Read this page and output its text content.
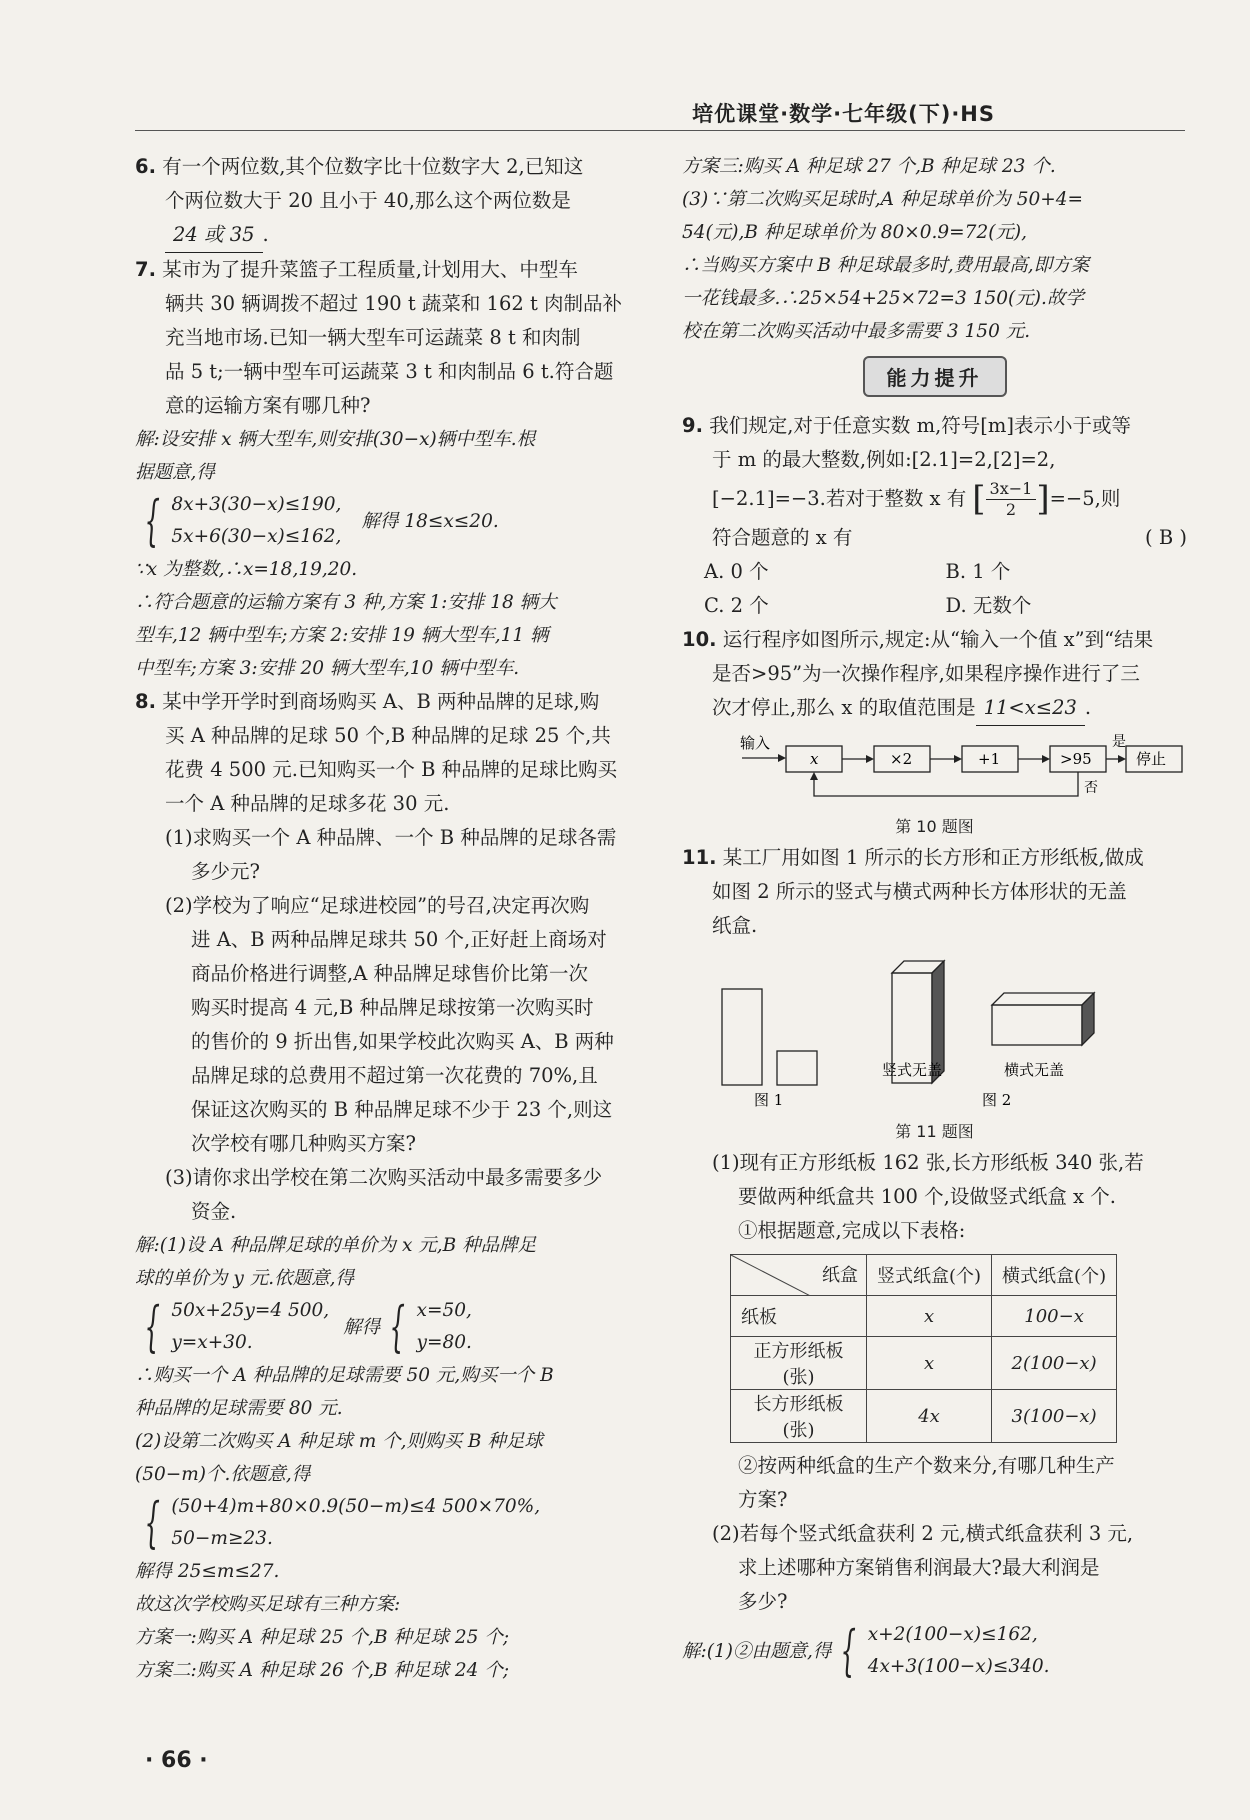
培优课堂·数学·七年级(下)·HS

6. 有一个两位数,其个位数字比十位数字大 2,已知这

个两位数大于 20 且小于 40,那么这个两位数是

24 或 35 .

7. 某市为了提升菜篮子工程质量,计划用大、中型车

辆共 30 辆调拨不超过 190 t 蔬菜和 162 t 肉制品补

充当地市场.已知一辆大型车可运蔬菜 8 t 和肉制

品 5 t;一辆中型车可运蔬菜 3 t 和肉制品 6 t.符合题

意的运输方案有哪几种?

解:设安排 x 辆大型车,则安排(30−x)辆中型车.根

据题意,得

{ 8x+3(30−x)≤190,

5x+6(30−x)≤162,

解得 18≤x≤20.

∵x 为整数,∴x=18,19,20.

∴符合题意的运输方案有 3 种,方案 1:安排 18 辆大

型车,12 辆中型车;方案 2:安排 19 辆大型车,11 辆

中型车;方案 3:安排 20 辆大型车,10 辆中型车.

8. 某中学开学时到商场购买 A、B 两种品牌的足球,购

买 A 种品牌的足球 50 个,B 种品牌的足球 25 个,共

花费 4 500 元.已知购买一个 B 种品牌的足球比购买

一个 A 种品牌的足球多花 30 元.

(1)求购买一个 A 种品牌、一个 B 种品牌的足球各需

多少元?

(2)学校为了响应“足球进校园”的号召,决定再次购

进 A、B 两种品牌足球共 50 个,正好赶上商场对

商品价格进行调整,A 种品牌足球售价比第一次

购买时提高 4 元,B 种品牌足球按第一次购买时

的售价的 9 折出售,如果学校此次购买 A、B 两种

品牌足球的总费用不超过第一次花费的 70%,且

保证这次购买的 B 种品牌足球不少于 23 个,则这

次学校有哪几种购买方案?

(3)请你求出学校在第二次购买活动中最多需要多少

资金.

解:(1)设 A 种品牌足球的单价为 x 元,B 种品牌足

球的单价为 y 元.依题意,得

{ 50x+25y=4 500,

y=x+30.

解得 { x=50,

y=80.

∴购买一个 A 种品牌的足球需要 50 元,购买一个 B

种品牌的足球需要 80 元.

(2)设第二次购买 A 种足球 m 个,则购买 B 种足球

(50−m)个.依题意,得

{ (50+4)m+80×0.9(50−m)≤4 500×70%,

50−m≥23.

解得 25≤m≤27.

故这次学校购买足球有三种方案:

方案一:购买 A 种足球 25 个,B 种足球 25 个;

方案二:购买 A 种足球 26 个,B 种足球 24 个;

方案三:购买 A 种足球 27 个,B 种足球 23 个.

(3)∵第二次购买足球时,A 种足球单价为 50+4=

54(元),B 种足球单价为 80×0.9=72(元),

∴当购买方案中 B 种足球最多时,费用最高,即方案

一花钱最多.∴25×54+25×72=3 150(元).故学

校在第二次购买活动中最多需要 3 150 元.

能力提升

9. 我们规定,对于任意实数 m,符号[m]表示小于或等

于 m 的最大整数,例如:[2.1]=2,[2]=2,

[−2.1]=−3.若对于整数 x 有 [ $\frac{3x-1}{2}$ ] =−5,则

符合题意的 x 有	( B )

A. 0 个	B. 1 个
C. 2 个	D. 无数个

10. 运行程序如图所示,规定:从“输入一个值 x”到“结果

是否>95”为一次操作程序,如果程序操作进行了三

次才停止,那么 x 的取值范围是 11<x≤23 .

输入
x	×2	+1	>95
是
停止
否
第 10 题图

11. 某工厂用如图 1 所示的长方形和正方形纸板,做成

如图 2 所示的竖式与横式两种长方体形状的无盖

纸盒.

竖式无盖	横式无盖
图 1	图 2
第 11 题图

(1)现有正方形纸板 162 张,长方形纸板 340 张,若

要做两种纸盒共 100 个,设做竖式纸盒 x 个.

①根据题意,完成以下表格:

纸盒	竖式纸盒(个)	横式纸盒(个)
纸板	x	100−x
正方形纸板(张)	x	2(100−x)
长方形纸板(张)	4x	3(100−x)

②按两种纸盒的生产个数来分,有哪几种生产

方案?

(2)若每个竖式纸盒获利 2 元,横式纸盒获利 3 元,

求上述哪种方案销售利润最大?最大利润是

多少?

解:(1)②由题意,得 { x+2(100−x)≤162,

4x+3(100−x)≤340.

· 66 ·
